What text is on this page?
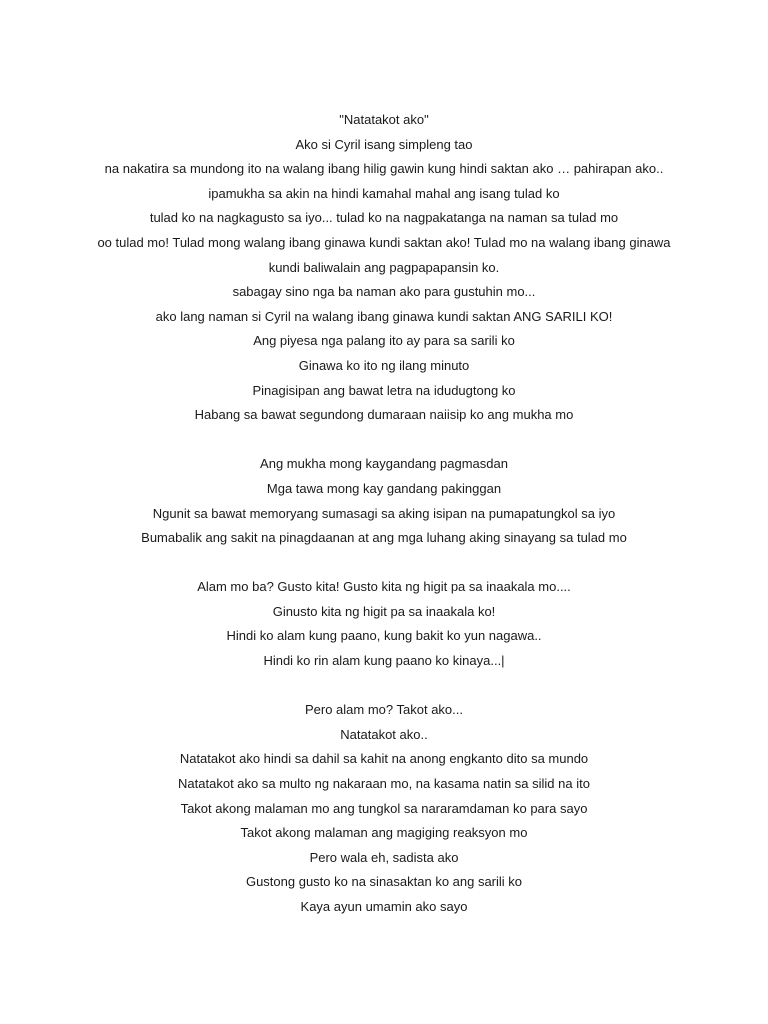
"Natatakot ako"
Ako si Cyril isang simpleng tao
na nakatira sa mundong ito na walang ibang hilig gawin kung hindi saktan ako … pahirapan ako..
ipamukha sa akin na hindi kamahal mahal ang isang tulad ko
tulad ko na nagkagusto sa iyo... tulad ko na nagpakatanga na naman sa tulad mo
oo tulad mo! Tulad mong walang ibang ginawa kundi saktan ako! Tulad mo na walang ibang ginawa
kundi baliwalain ang pagpapapansin ko.
sabagay sino nga ba naman ako para gustuhin mo...
ako lang naman si Cyril na walang ibang ginawa kundi saktan ANG SARILI KO!
Ang piyesa nga palang ito ay para sa sarili ko
Ginawa ko ito ng ilang minuto
Pinagisipan ang bawat letra na idudugtong ko
Habang sa bawat segundong dumaraan naiisip ko ang mukha mo
Ang mukha mong kaygandang pagmasdan
Mga tawa mong kay gandang pakinggan
Ngunit sa bawat memoryang sumasagi sa aking isipan na pumapatungkol sa iyo
Bumabalik ang sakit na pinagdaanan at ang mga luhang aking sinayang sa tulad mo
Alam mo ba? Gusto kita! Gusto kita ng higit pa sa inaakala mo....
Ginusto kita ng higit pa sa inaakala ko!
Hindi ko alam kung paano, kung bakit ko yun nagawa..
Hindi ko rin alam kung paano ko kinaya...|
Pero alam mo? Takot ako...
Natatakot ako..
Natatakot ako hindi sa dahil sa kahit na anong engkanto dito sa mundo
Natatakot ako sa multo ng nakaraan mo, na kasama natin sa silid na ito
Takot akong malaman mo ang tungkol sa nararamdaman ko para sayo
Takot akong malaman ang magiging reaksyon mo
Pero wala eh, sadista ako
Gustong gusto ko na sinasaktan ko ang sarili ko
Kaya ayun umamin ako sayo
